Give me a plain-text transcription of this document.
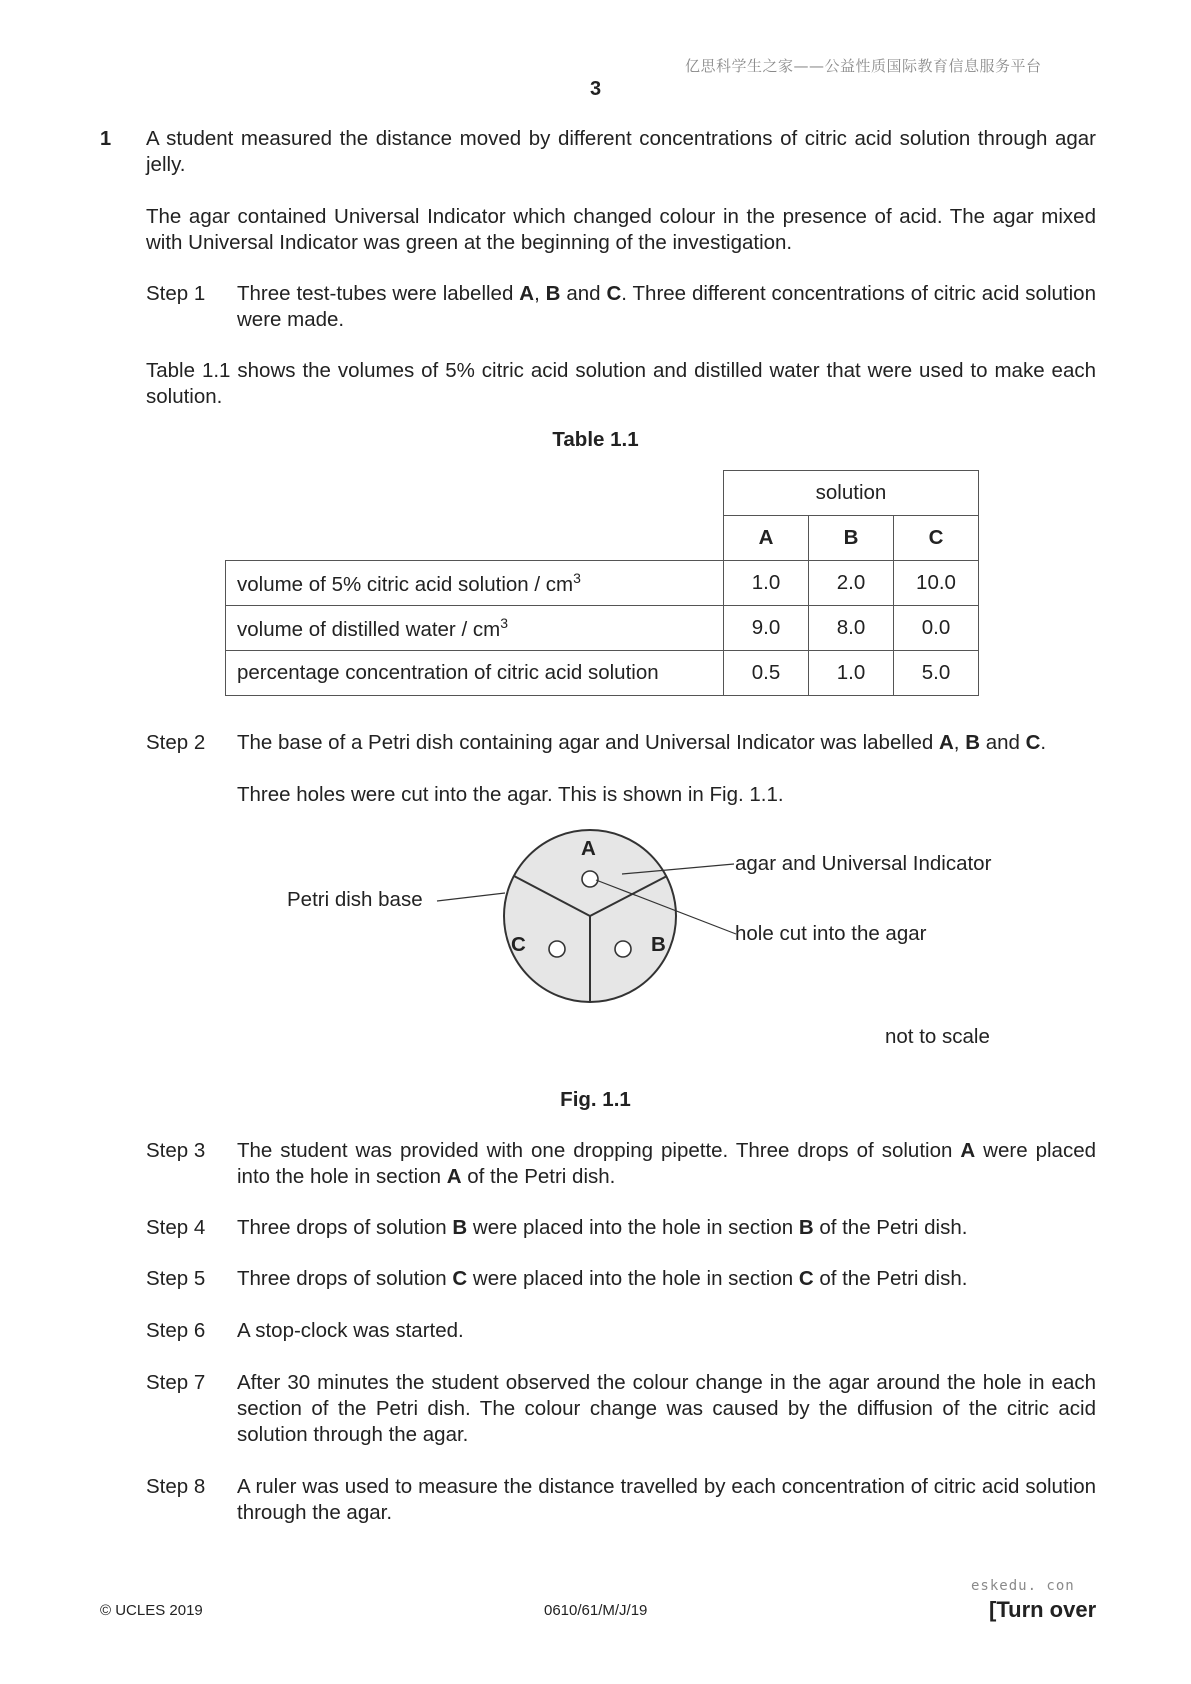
亿思科学生之家——公益性质国际教育信息服务平台
3
1 A student measured the distance moved by different concentrations of citric acid solution through agar jelly.
The agar contained Universal Indicator which changed colour in the presence of acid. The agar mixed with Universal Indicator was green at the beginning of the investigation.
Step 1 Three test-tubes were labelled A, B and C. Three different concentrations of citric acid solution were made.
Table 1.1 shows the volumes of 5% citric acid solution and distilled water that were used to make each solution.
Table 1.1
	solution		
	A	B	C
volume of 5% citric acid solution / $cm^3$	1.0	2.0	10.0
volume of distilled water / $cm^3$	9.0	8.0	0.0
percentage concentration of citric acid solution	0.5	1.0	5.0
Step 2 The base of a Petri dish containing agar and Universal Indicator was labelled A, B and C.
Three holes were cut into the agar. This is shown in Fig. 1.1.
A
C	B
Petri dish base
agar and Universal Indicator
hole cut into the agar
not to scale
Fig. 1.1
Step 3 The student was provided with one dropping pipette. Three drops of solution A were placed into the hole in section A of the Petri dish.
Step 4 Three drops of solution B were placed into the hole in section B of the Petri dish.
Step 5 Three drops of solution C were placed into the hole in section C of the Petri dish.
Step 6 A stop-clock was started.
Step 7 After 30 minutes the student observed the colour change in the agar around the hole in each section of the Petri dish. The colour change was caused by the diffusion of the citric acid solution through the agar.
Step 8 A ruler was used to measure the distance travelled by each concentration of citric acid solution through the agar.
eskedu. con
© UCLES 2019	0610/61/M/J/19	[Turn over
